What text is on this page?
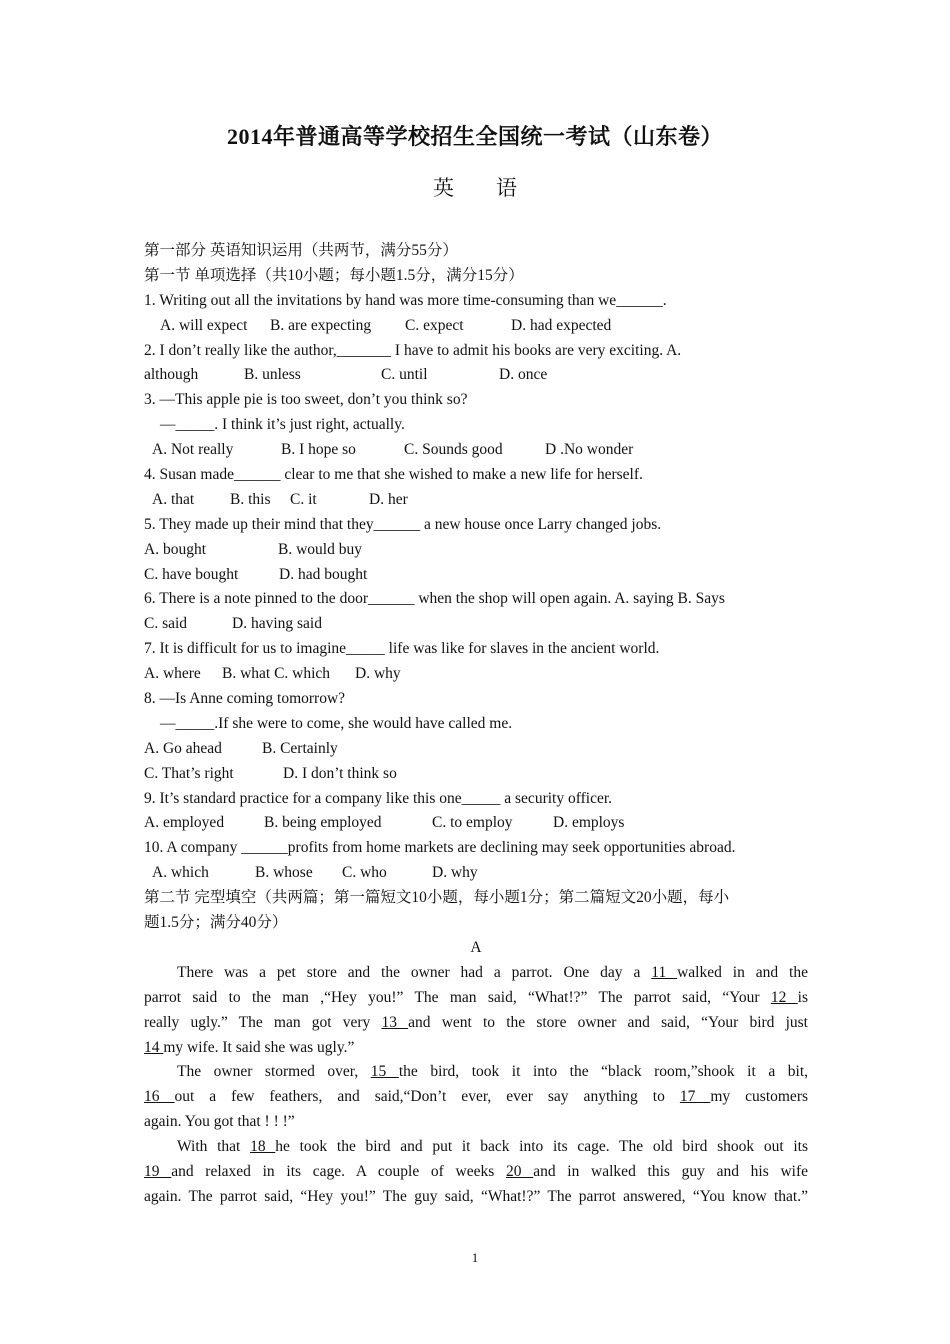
2014年普通高等学校招生全国统一考试（山东卷）
英　　语
第一部分 英语知识运用（共两节，满分55分）
第一节 单项选择（共10小题；每小题1.5分，满分15分）
1. Writing out all the invitations by hand was more time-consuming than we______.
A. will expect B. are expecting C. expect	D. had expected
2. I don’t really like the author,_______ I have to admit his books are very exciting. A.
although	B. unless	C. until	D. once
3. —This apple pie is too sweet, don’t you think so?
—_____. I think it’s just right, actually.
A. Not really	B. I hope so	C. Sounds good	D .No wonder
4. Susan made______ clear to me that she wished to make a new life for herself.
A. that B. this C. it	D. her
5. They made up their mind that they______ a new house once Larry changed jobs.
A. bought	B. would buy
C. have bought	D. had bought
6. There is a note pinned to the door______ when the shop will open again. A. saying B. Says
C. said	D. having said
7. It is difficult for us to imagine_____ life was like for slaves in the ancient world.
A. where B. what C. which D. why
8. —Is Anne coming tomorrow?
—_____.If she were to come, she would have called me.
A. Go ahead	B. Certainly
C. That’s right	D. I don’t think so
9. It’s standard practice for a company like this one_____ a security officer.
A. employed	B. being employed	C. to employ	D. employs
10. A company ______profits from home markets are declining may seek opportunities abroad.
A. which	B. whose C. who	D. why
第二节 完型填空（共两篇；第一篇短文10小题，每小题1分；第二篇短文20小题，每小
题1.5分；满分40分）
A
There was a pet store and the owner had a parrot. One day a 11 walked in and the
parrot said to the man ,“Hey you!” The man said, “What!?” The parrot said, “Your 12 is
really ugly.” The man got very 13 and went to the store owner and said, “Your bird just
14 my wife. It said she was ugly.”
The owner stormed over, 15 the bird, took it into the “black room,”shook it a bit,
16 out a few feathers, and said,“Don’t ever, ever say anything to 17 my customers
again. You got that ! ! !”
With that 18 he took the bird and put it back into its cage. The old bird shook out its
19 and relaxed in its cage. A couple of weeks 20 and in walked this guy and his wife
again. The parrot said, “Hey you!” The guy said, “What!?” The parrot answered, “You know that.”
1
